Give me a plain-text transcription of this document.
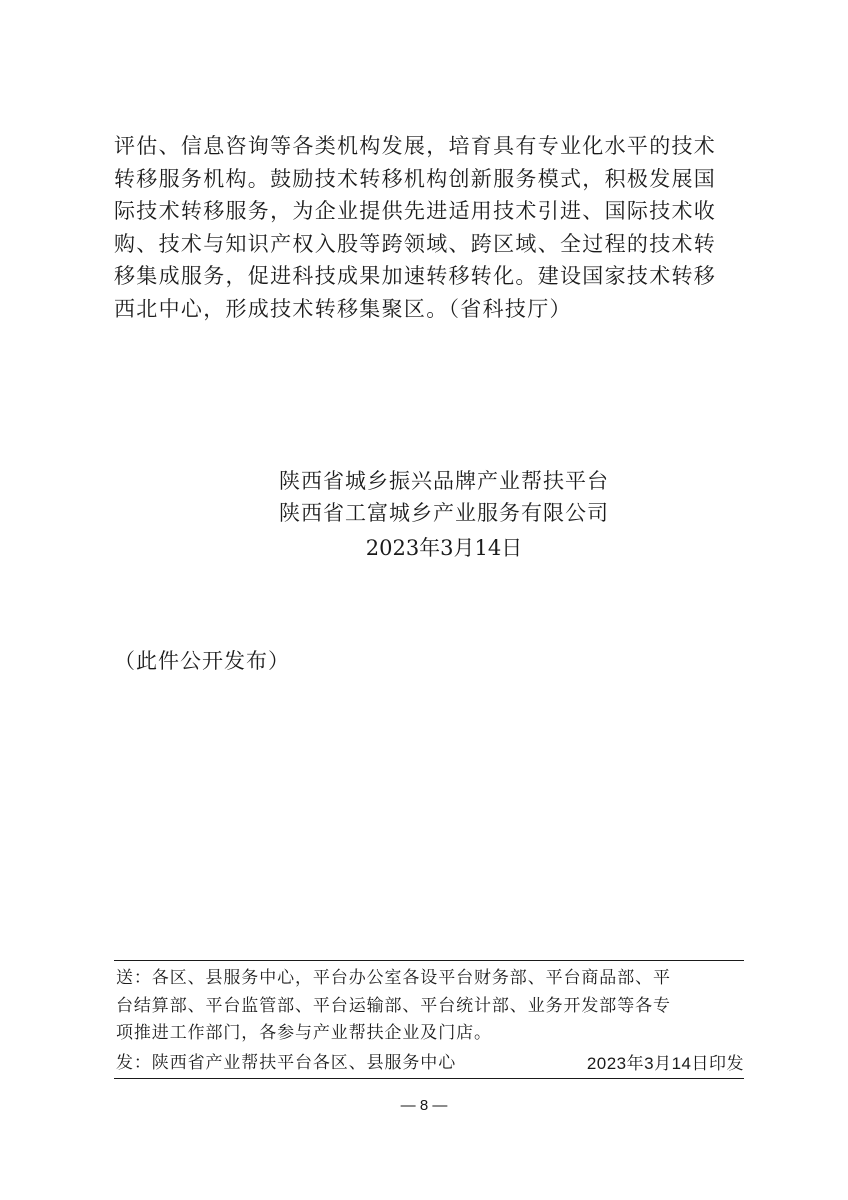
评估、信息咨询等各类机构发展，培育具有专业化水平的技术
转移服务机构。鼓励技术转移机构创新服务模式，积极发展国
际技术转移服务，为企业提供先进适用技术引进、国际技术收
购、技术与知识产权入股等跨领域、跨区域、全过程的技术转
移集成服务，促进科技成果加速转移转化。建设国家技术转移
西北中心，形成技术转移集聚区。（省科技厅）
陕西省城乡振兴品牌产业帮扶平台
陕西省工富城乡产业服务有限公司
2023年3月14日
（此件公开发布）
送：各区、县服务中心，平台办公室各设平台财务部、平台商品部、平
台结算部、平台监管部、平台运输部、平台统计部、业务开发部等各专
项推进工作部门，各参与产业帮扶企业及门店。
发：陕西省产业帮扶平台各区、县服务中心	2023年3月14日印发
— 8 —
